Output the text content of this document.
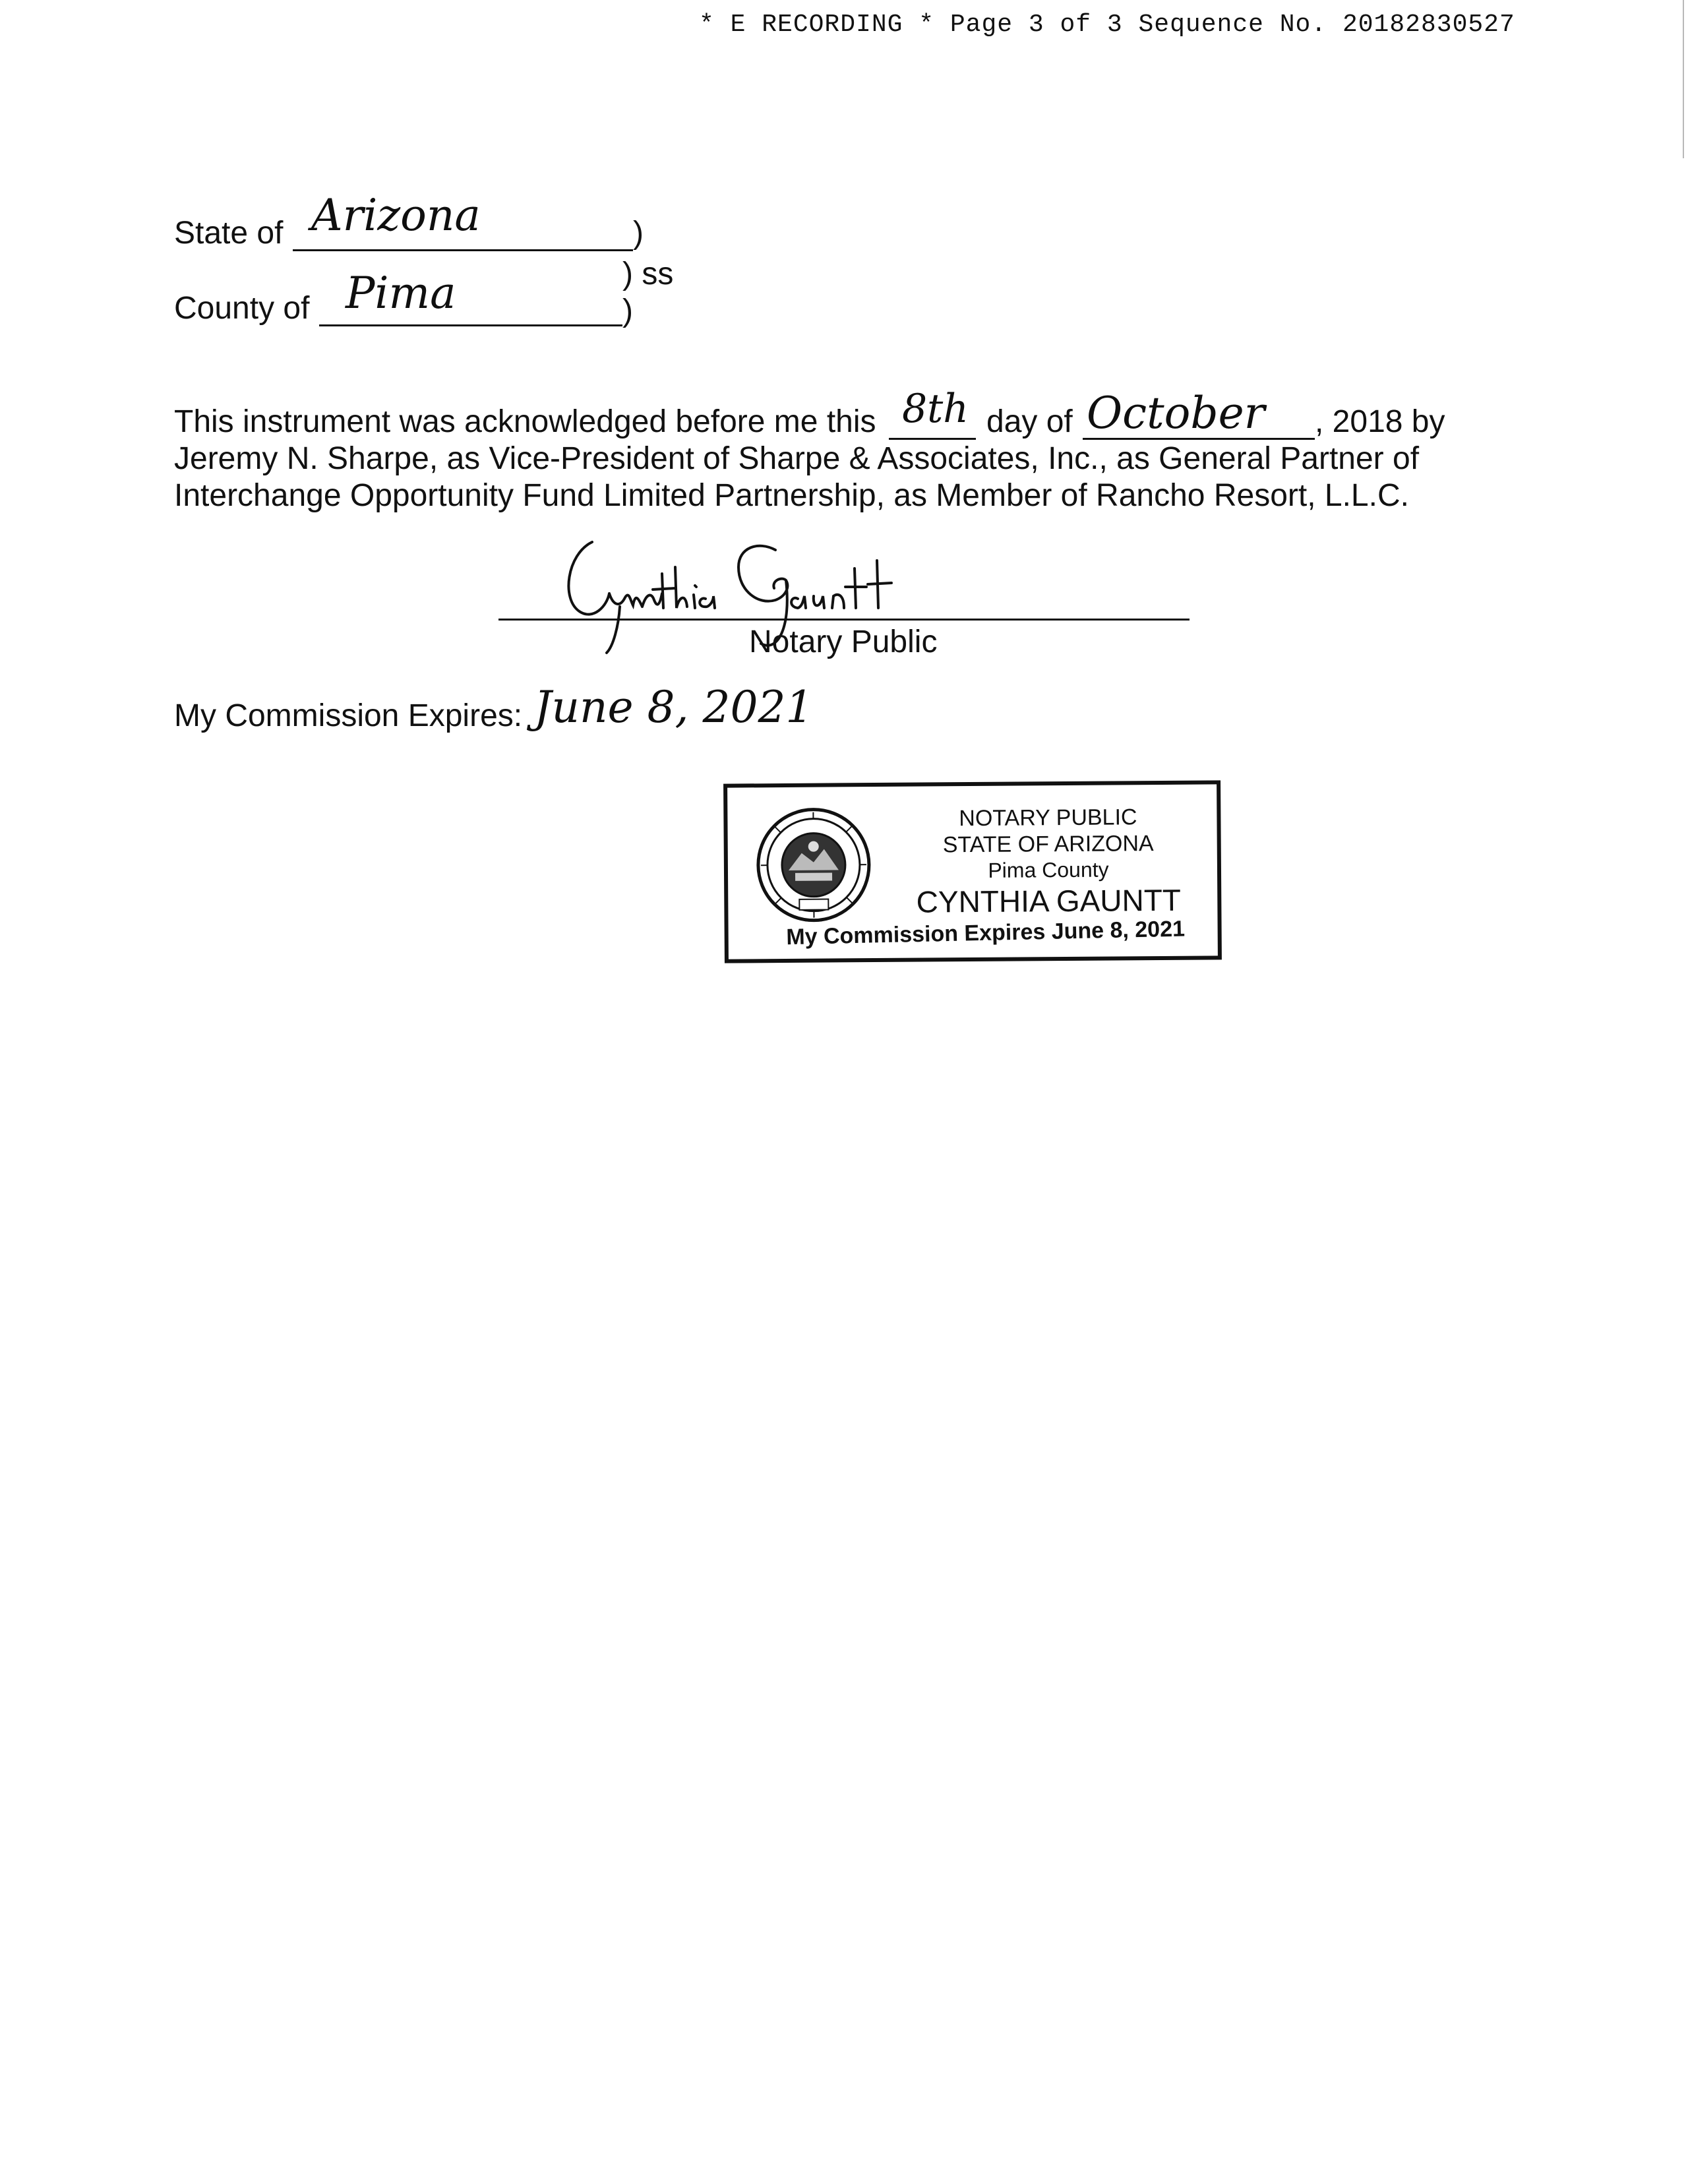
* E RECORDING * Page 3 of 3 Sequence No. 20182830527
State of Arizona	)
) ss
County of Pima	)
This instrument was acknowledged before me this 8th day of October , 2018 by
Jeremy N. Sharpe, as Vice-President of Sharpe & Associates, Inc., as General Partner of
Interchange Opportunity Fund Limited Partnership, as Member of Rancho Resort, L.L.C.
Notary Public
My Commission Expires: June 8, 2021
NOTARY PUBLIC
STATE OF ARIZONA
Pima County
CYNTHIA GAUNTT
My Commission Expires June 8, 2021
